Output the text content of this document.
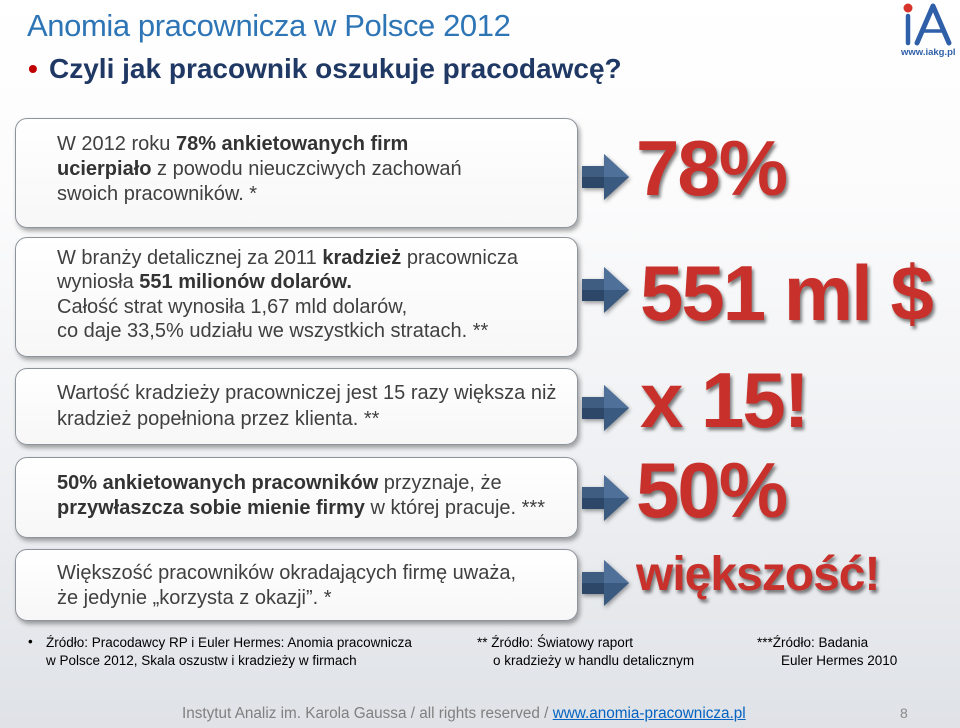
Anomia pracownicza w Polsce 2012
• Czyli jak pracownik oszukuje pracodawcę?
www.iakg.pl
W 2012 roku 78% ankietowanych firm
ucierpiało z powodu nieuczciwych zachowań
swoich pracowników. *
W branży detalicznej za 2011 kradzież pracownicza
wyniosła 551 milionów dolarów.
Całość strat wynosiła 1,67 mld dolarów,
co daje 33,5% udziału we wszystkich stratach. **
Wartość kradzieży pracowniczej jest 15 razy większa niż
kradzież popełniona przez klienta. **
50% ankietowanych pracowników przyznaje, że
przywłaszcza sobie mienie firmy w której pracuje. ***
Większość pracowników okradających firmę uważa,
że jedynie „korzysta z okazji”. *
78%
551 ml $
x 15!
50%
większość!
• Źródło: Pracodawcy RP i Euler Hermes: Anomia pracownicza
w Polsce 2012, Skala oszustw i kradzieży w firmach
** Źródło: Światowy raport
o kradzieży w handlu detalicznym
***Źródło: Badania
Euler Hermes 2010
Instytut Analiz im. Karola Gaussa / all rights reserved / www.anomia-pracownicza.pl	8
